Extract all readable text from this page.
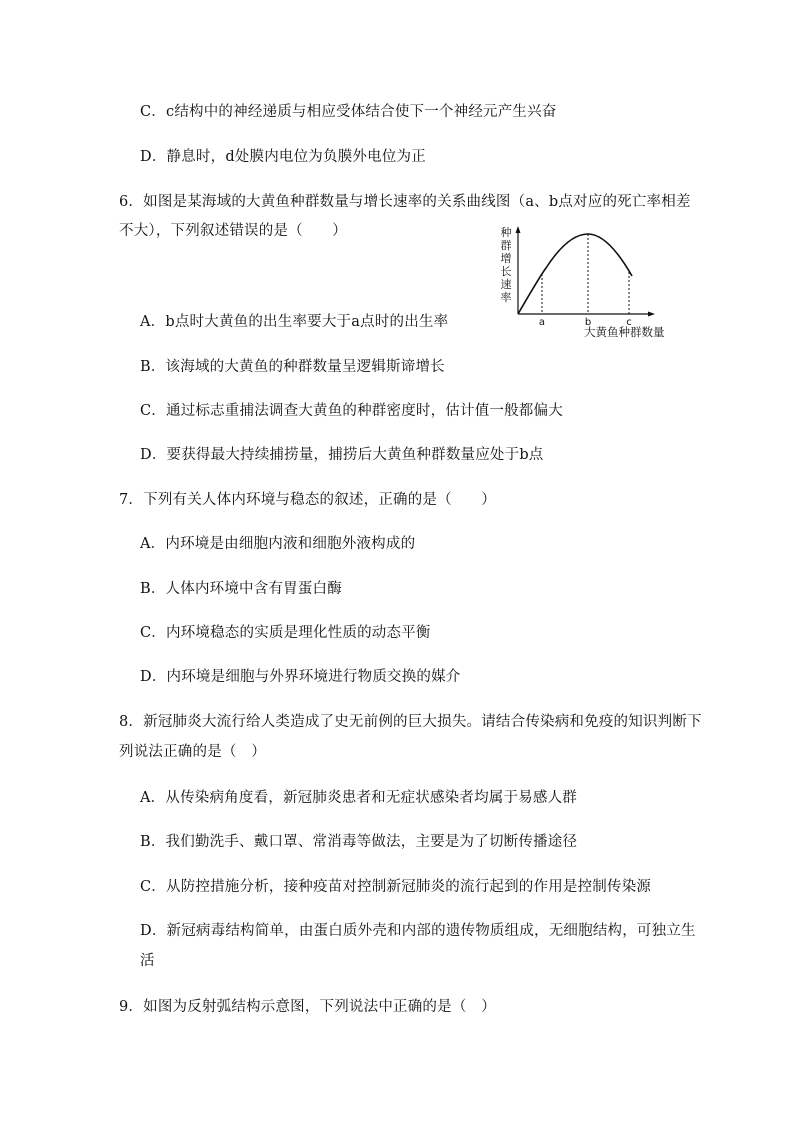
C．c结构中的神经递质与相应受体结合使下一个神经元产生兴奋
D．静息时，d处膜内电位为负膜外电位为正
6．如图是某海域的大黄鱼种群数量与增长速率的关系曲线图（a、b点对应的死亡率相差
不大），下列叙述错误的是（　　）	种
群
增
长
速
率
a	b	c
大黄鱼种群数量
A．b点时大黄鱼的出生率要大于a点时的出生率
B．该海域的大黄鱼的种群数量呈逻辑斯谛增长
C．通过标志重捕法调查大黄鱼的种群密度时，估计值一般都偏大
D．要获得最大持续捕捞量，捕捞后大黄鱼种群数量应处于b点
7．下列有关人体内环境与稳态的叙述，正确的是（　　）
A．内环境是由细胞内液和细胞外液构成的
B．人体内环境中含有胃蛋白酶
C．内环境稳态的实质是理化性质的动态平衡
D．内环境是细胞与外界环境进行物质交换的媒介
8．新冠肺炎大流行给人类造成了史无前例的巨大损失。请结合传染病和免疫的知识判断下
列说法正确的是（　）
A．从传染病角度看，新冠肺炎患者和无症状感染者均属于易感人群
B．我们勤洗手、戴口罩、常消毒等做法，主要是为了切断传播途径
C．从防控措施分析，接种疫苗对控制新冠肺炎的流行起到的作用是控制传染源
D．新冠病毒结构简单，由蛋白质外壳和内部的遗传物质组成，无细胞结构，可独立生
活
9．如图为反射弧结构示意图，下列说法中正确的是（　）
